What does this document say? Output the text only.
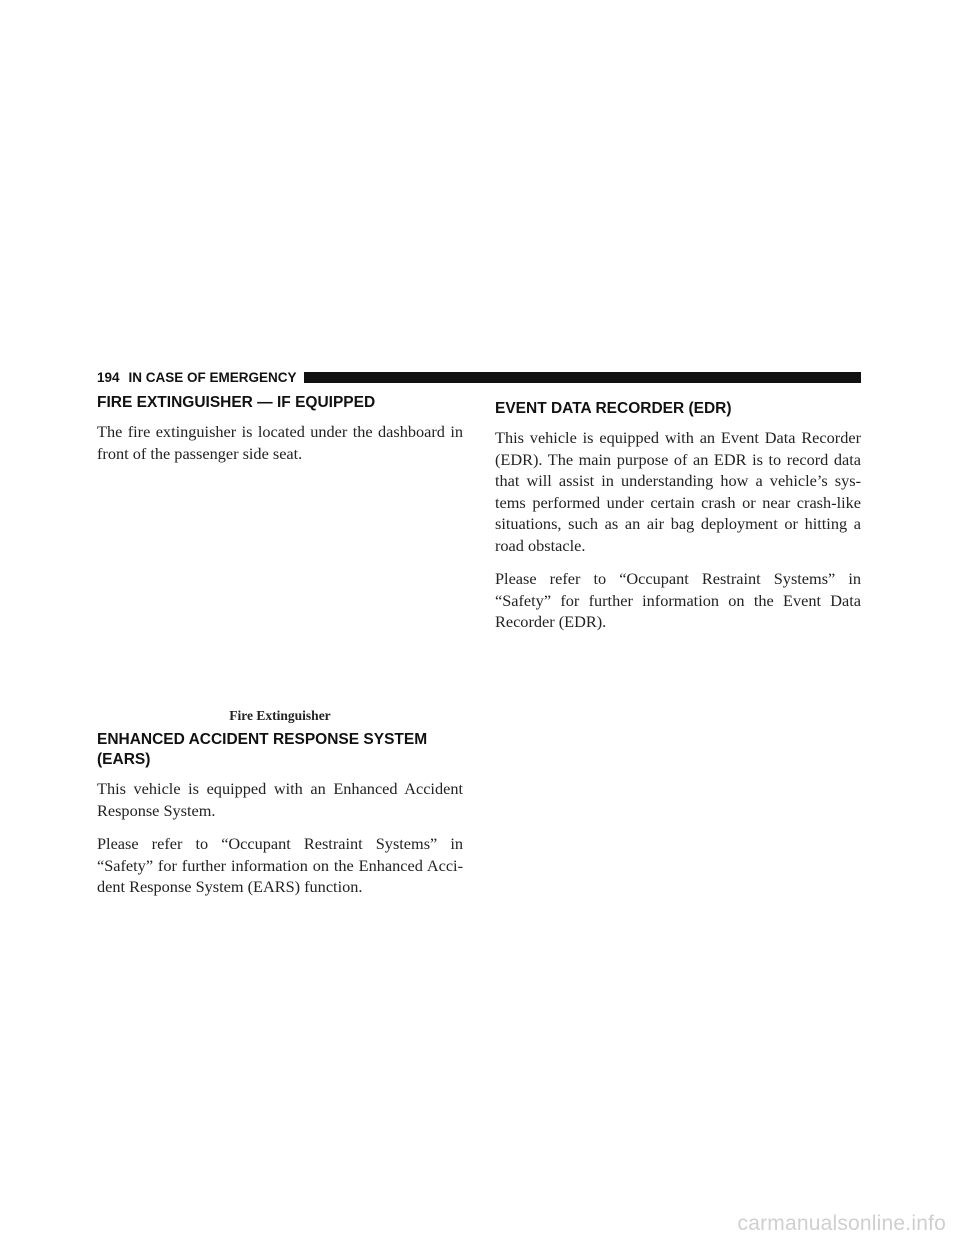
194 IN CASE OF EMERGENCY
FIRE EXTINGUISHER — IF EQUIPPED

The fire extinguisher is located under the dashboard in front of the passenger side seat.

Fire Extinguisher
ENHANCED ACCIDENT RESPONSE SYSTEM (EARS)

This vehicle is equipped with an Enhanced Accident Response System.

Please refer to “Occupant Restraint Systems” in “Safety” for further information on the Enhanced Acci-dent Response System (EARS) function.

EVENT DATA RECORDER (EDR)

This vehicle is equipped with an Event Data Recorder (EDR). The main purpose of an EDR is to record data that will assist in understanding how a vehicle’s sys-tems performed under certain crash or near crash-like situations, such as an air bag deployment or hitting a road obstacle.

Please refer to “Occupant Restraint Systems” in “Safety” for further information on the Event Data Recorder (EDR).

carmanualsonline.info
